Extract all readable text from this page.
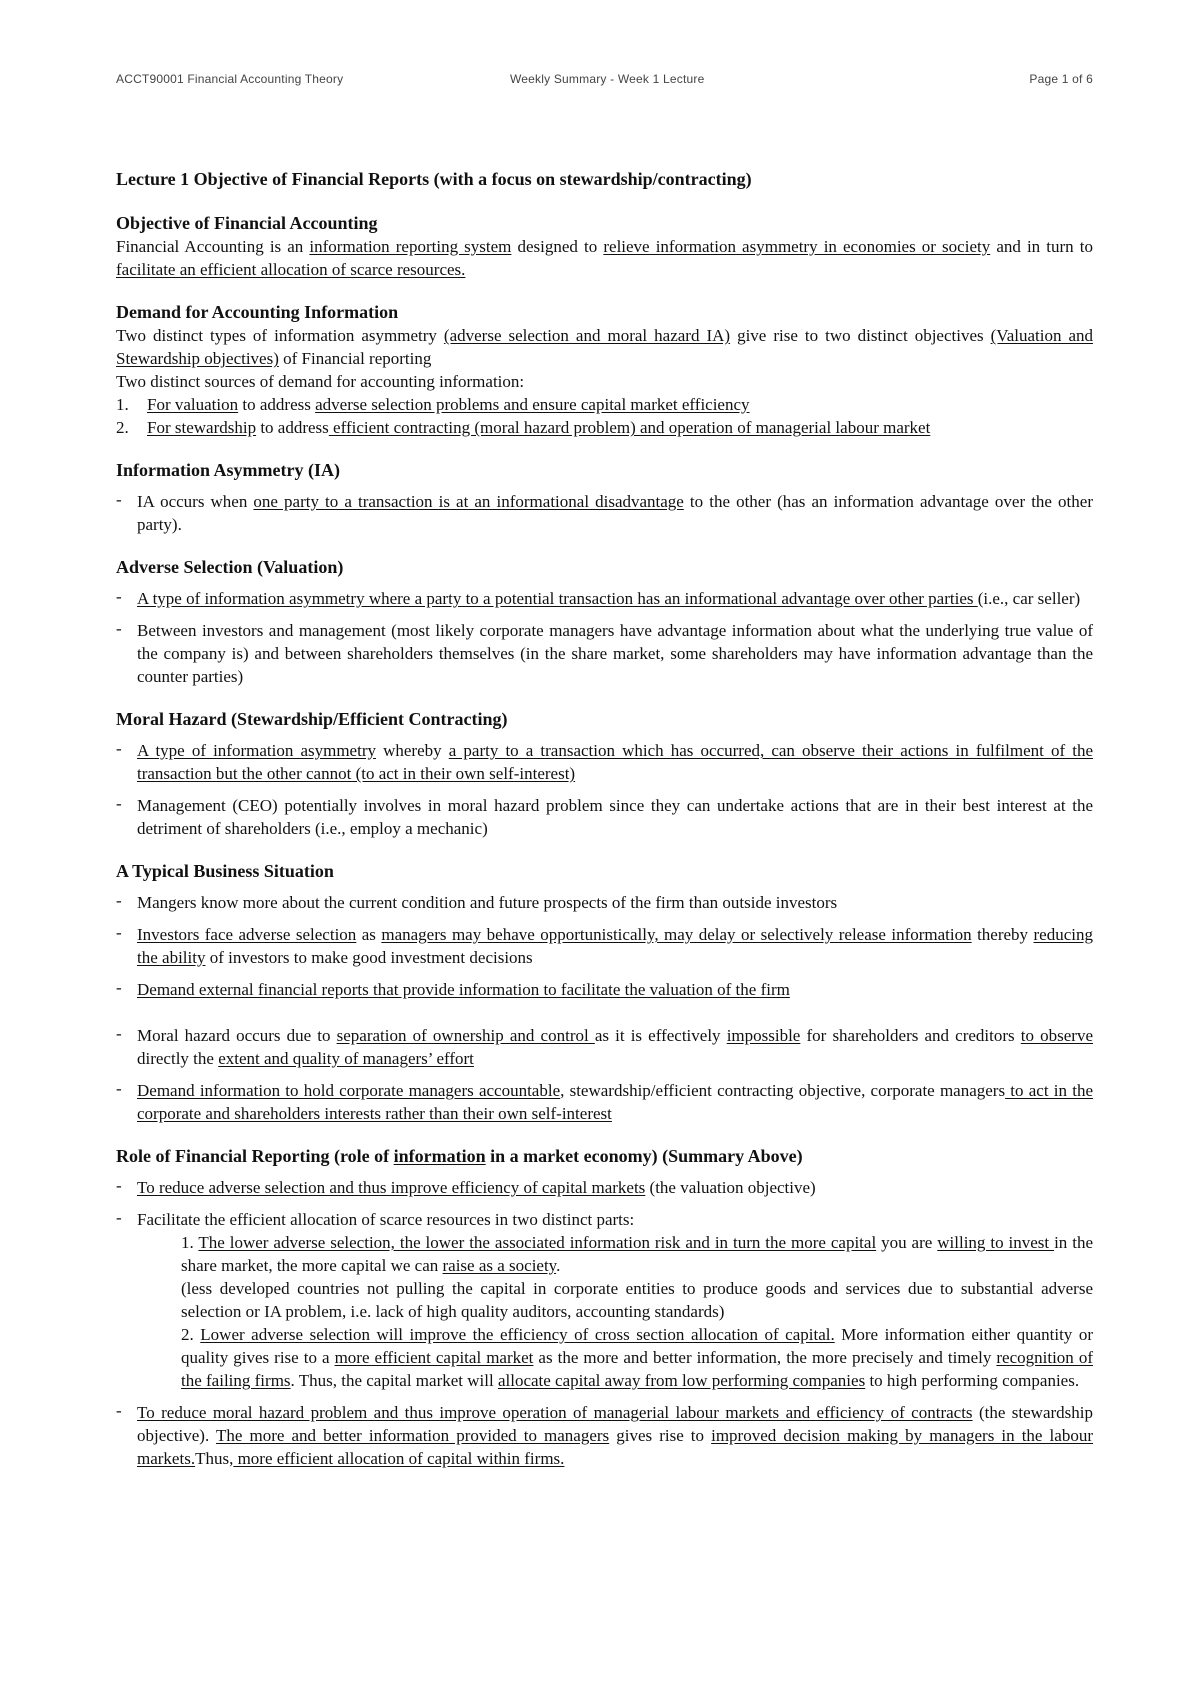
ACCT90001 Financial Accounting Theory	Weekly Summary - Week 1 Lecture	Page 1 of 6
Lecture 1 Objective of Financial Reports (with a focus on stewardship/contracting)
Objective of Financial Accounting

Financial Accounting is an information reporting system designed to relieve information asymmetry in economies or society and in turn to facilitate an efficient allocation of scarce resources.

Demand for Accounting Information

Two distinct types of information asymmetry (adverse selection and moral hazard IA) give rise to two distinct objectives (Valuation and Stewardship objectives) of Financial reporting

Two distinct sources of demand for accounting information:

1. For valuation to address adverse selection problems and ensure capital market efficiency
2. For stewardship to address efficient contracting (moral hazard problem) and operation of managerial labour market
Information Asymmetry (IA)
- IA occurs when one party to a transaction is at an informational disadvantage to the other (has an information advantage over the other party).
Adverse Selection (Valuation)
- A type of information asymmetry where a party to a potential transaction has an informational advantage over other parties (i.e., car seller)
- Between investors and management (most likely corporate managers have advantage information about what the underlying true value of the company is) and between shareholders themselves (in the share market, some shareholders may have information advantage than the counter parties)
Moral Hazard (Stewardship/Efficient Contracting)
- A type of information asymmetry whereby a party to a transaction which has occurred, can observe their actions in fulfilment of the transaction but the other cannot (to act in their own self-interest)
- Management (CEO) potentially involves in moral hazard problem since they can undertake actions that are in their best interest at the detriment of shareholders (i.e., employ a mechanic)
A Typical Business Situation
- Mangers know more about the current condition and future prospects of the firm than outside investors
- Investors face adverse selection as managers may behave opportunistically, may delay or selectively release information thereby reducing the ability of investors to make good investment decisions
- Demand external financial reports that provide information to facilitate the valuation of the firm
- Moral hazard occurs due to separation of ownership and control as it is effectively impossible for shareholders and creditors to observe directly the extent and quality of managers’ effort
- Demand information to hold corporate managers accountable, stewardship/efficient contracting objective, corporate managers to act in the corporate and shareholders interests rather than their own self-interest
Role of Financial Reporting (role of information in a market economy) (Summary Above)
- To reduce adverse selection and thus improve efficiency of capital markets (the valuation objective)
- Facilitate the efficient allocation of scarce resources in two distinct parts:
1. The lower adverse selection, the lower the associated information risk and in turn the more capital you are willing to invest in the share market, the more capital we can raise as a society.
(less developed countries not pulling the capital in corporate entities to produce goods and services due to substantial adverse selection or IA problem, i.e. lack of high quality auditors, accounting standards)
2. Lower adverse selection will improve the efficiency of cross section allocation of capital. More information either quantity or quality gives rise to a more efficient capital market as the more and better information, the more precisely and timely recognition of the failing firms. Thus, the capital market will allocate capital away from low performing companies to high performing companies.
- To reduce moral hazard problem and thus improve operation of managerial labour markets and efficiency of contracts (the stewardship objective). The more and better information provided to managers gives rise to improved decision making by managers in the labour markets.Thus, more efficient allocation of capital within firms.
